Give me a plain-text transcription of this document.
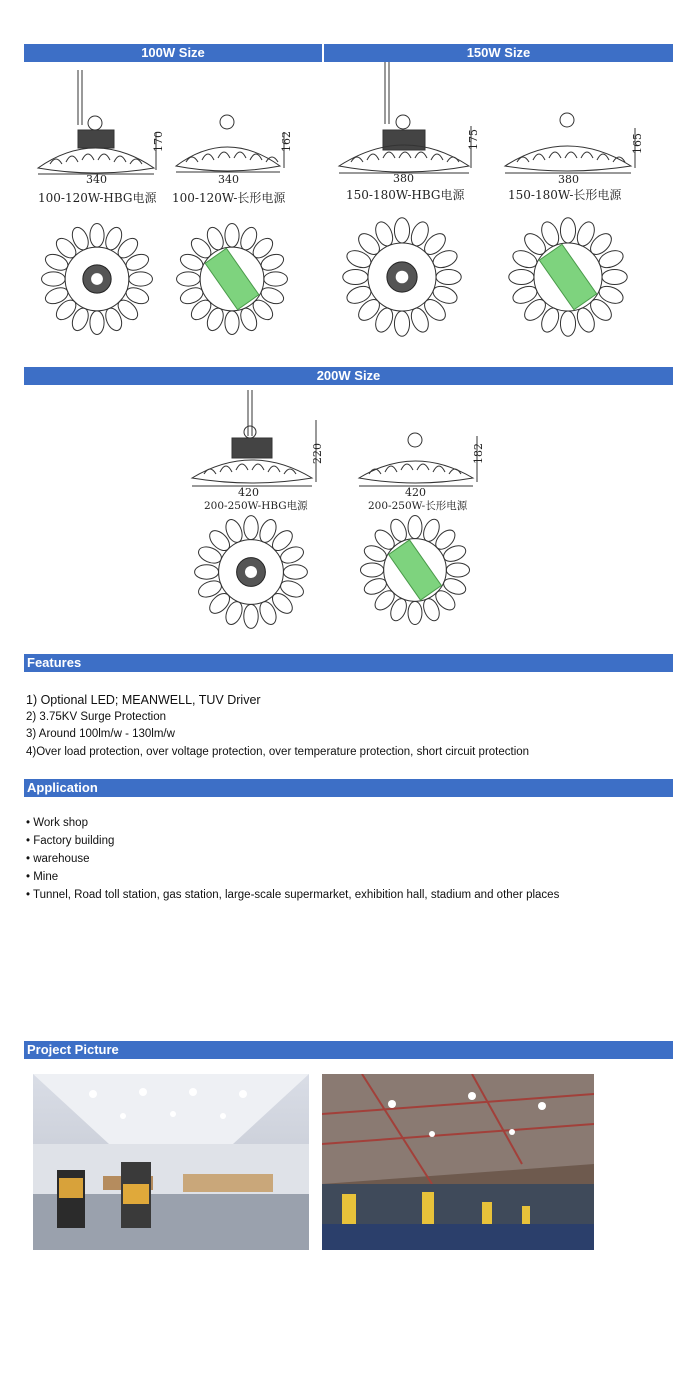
100W Size	150W Size
200W Size
Features
Application
Project Picture
170
340
162
340
175
380
165
380
220
420
182
420
100-120W-HBG电源 100-120W-长形电源	150-180W-HBG电源	150-180W-长形电源
200-250W-HBG电源	200-250W-长形电源
1) Optional LED; MEANWELL, TUV Driver
2) 3.75KV Surge Protection
3) Around 100lm/w - 130lm/w
4)Over load protection, over voltage protection, over temperature protection, short circuit protection
• Work shop
• Factory building
• warehouse
• Mine
• Tunnel, Road toll station, gas station, large-scale supermarket, exhibition hall, stadium and other places
